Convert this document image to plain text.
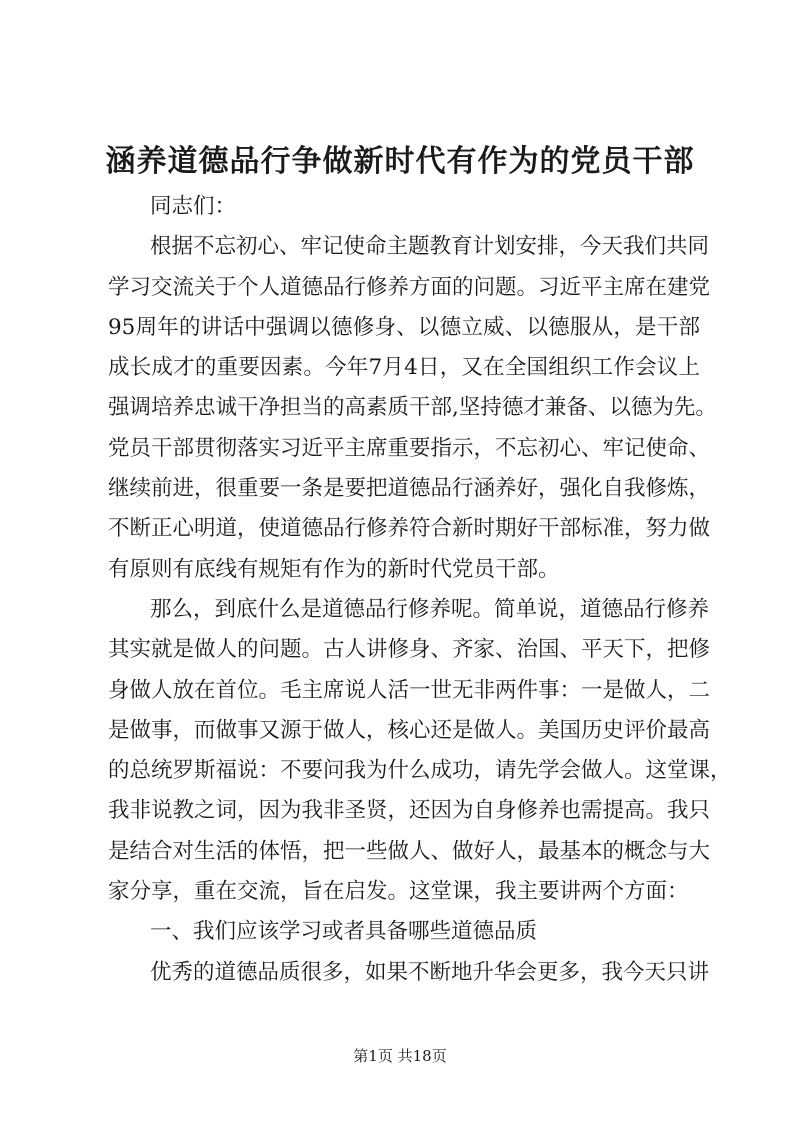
涵养道德品行争做新时代有作为的党员干部
同志们：
根据不忘初心、牢记使命主题教育计划安排，今天我们共同
学习交流关于个人道德品行修养方面的问题。习近平主席在建党
95周年的讲话中强调以德修身、以德立威、以德服从，是干部
成长成才的重要因素。今年7月4日，又在全国组织工作会议上
强调培养忠诚干净担当的高素质干部,坚持德才兼备、以德为先。
党员干部贯彻落实习近平主席重要指示，不忘初心、牢记使命、
继续前进，很重要一条是要把道德品行涵养好，强化自我修炼，
不断正心明道，使道德品行修养符合新时期好干部标准，努力做
有原则有底线有规矩有作为的新时代党员干部。
那么，到底什么是道德品行修养呢。简单说，道德品行修养
其实就是做人的问题。古人讲修身、齐家、治国、平天下，把修
身做人放在首位。毛主席说人活一世无非两件事：一是做人，二
是做事，而做事又源于做人，核心还是做人。美国历史评价最高
的总统罗斯福说：不要问我为什么成功，请先学会做人。这堂课，
我非说教之词，因为我非圣贤，还因为自身修养也需提高。我只
是结合对生活的体悟，把一些做人、做好人，最基本的概念与大
家分享，重在交流，旨在启发。这堂课，我主要讲两个方面：
一、我们应该学习或者具备哪些道德品质
优秀的道德品质很多，如果不断地升华会更多，我今天只讲
第1页 共18页
